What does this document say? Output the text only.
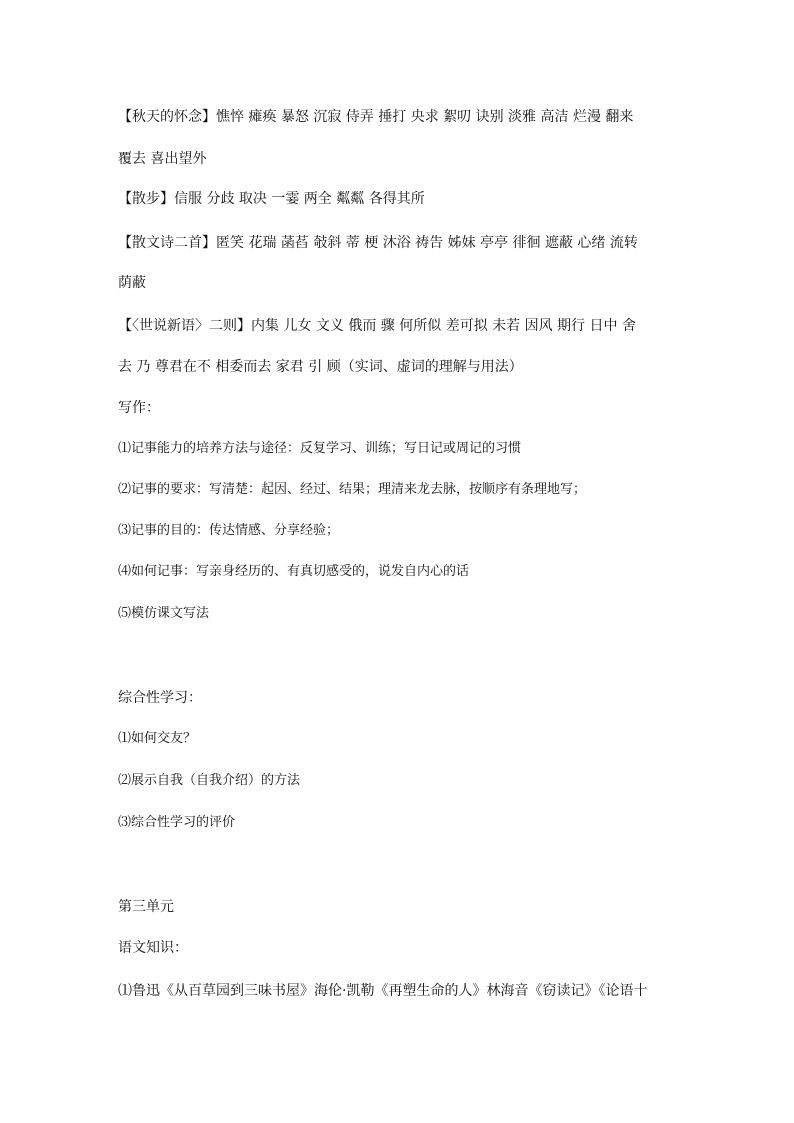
【秋天的怀念】憔悴 瘫痪 暴怒 沉寂 侍弄 捶打 央求 絮叨 诀别 淡雅 高洁 烂漫 翻来
覆去 喜出望外
【散步】信服 分歧 取决 一霎 两全 粼粼 各得其所
【散文诗二首】匿笑 花瑞 菡萏 攲斜 蒂 梗 沐浴 祷告 姊妹 亭亭 徘徊 遮蔽 心绪 流转
荫蔽
【〈世说新语〉二则】内集 儿女 文义 俄而 骤 何所似 差可拟 未若 因风 期行 日中 舍
去 乃 尊君在不 相委而去 家君 引 顾（实词、虚词的理解与用法）
写作：
⑴记事能力的培养方法与途径：反复学习、训练；写日记或周记的习惯
⑵记事的要求：写清楚：起因、经过、结果；理清来龙去脉，按顺序有条理地写；
⑶记事的目的：传达情感、分享经验；
⑷如何记事：写亲身经历的、有真切感受的，说发自内心的话
⑸模仿课文写法
综合性学习：
⑴如何交友？
⑵展示自我（自我介绍）的方法
⑶综合性学习的评价
第三单元
语文知识：
⑴鲁迅《从百草园到三味书屋》海伦·凯勒《再塑生命的人》林海音《窃读记》《论语十
